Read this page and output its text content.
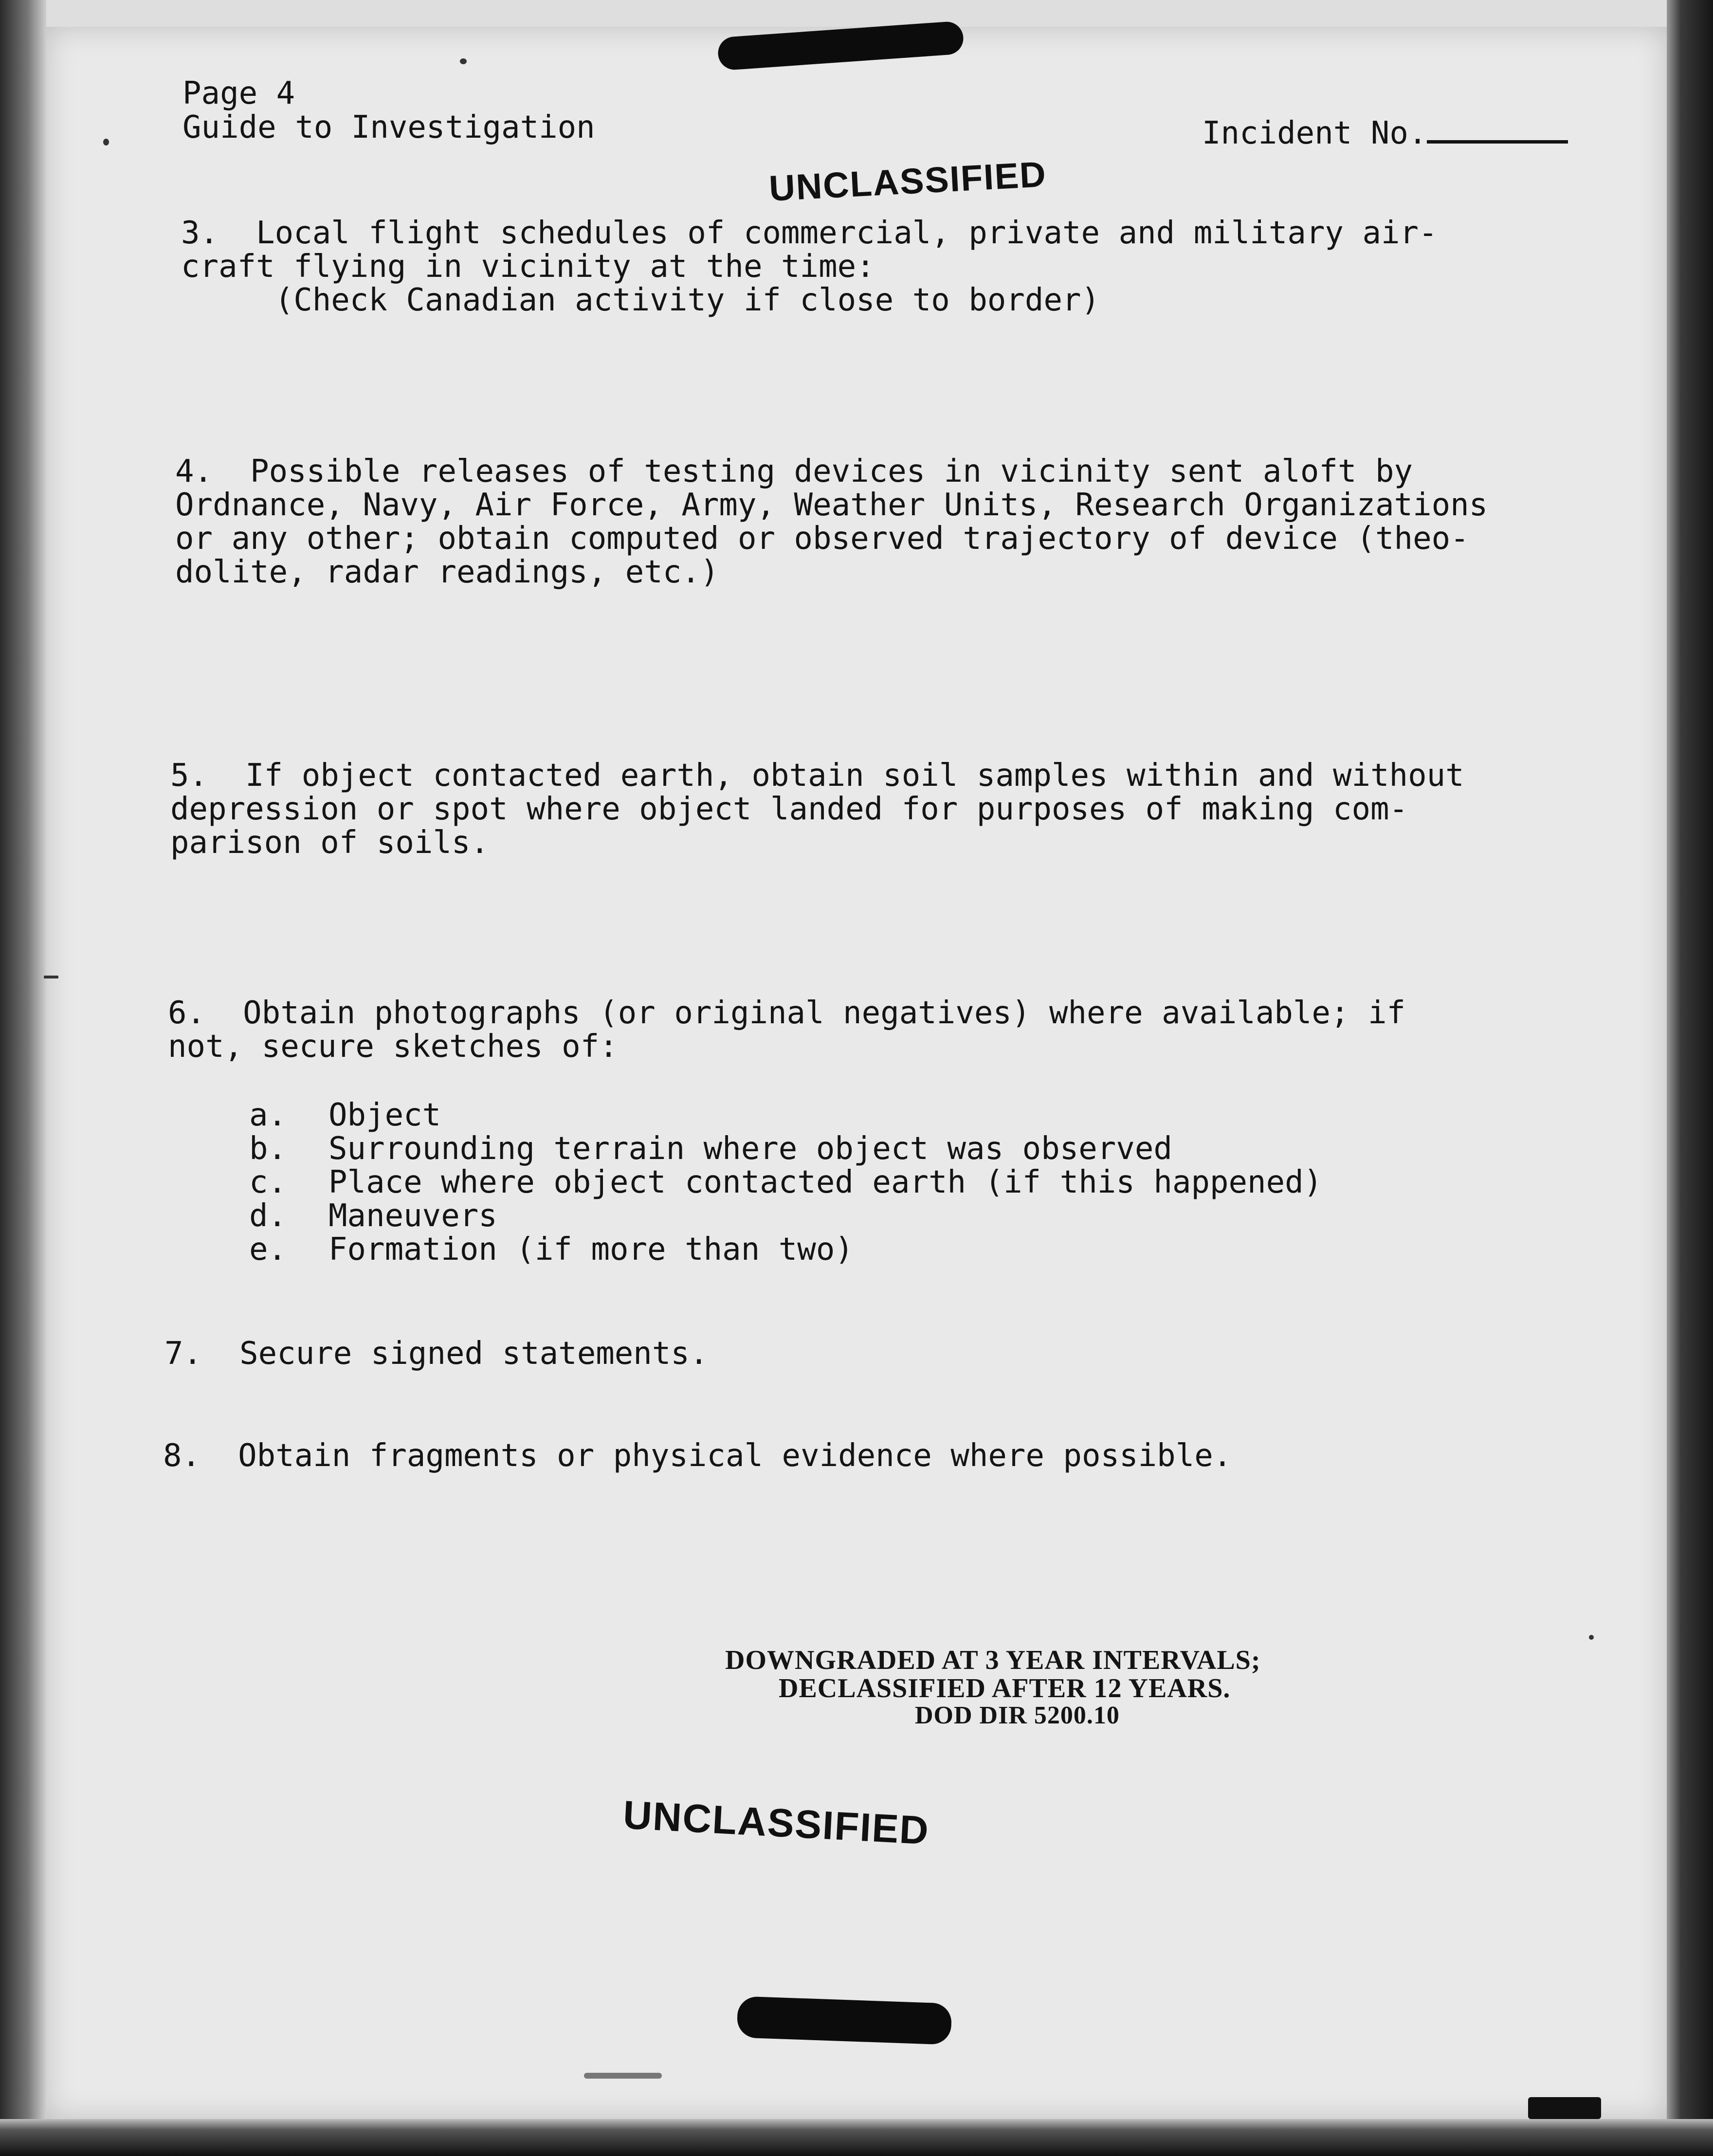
Page 4
Guide to Investigation	Incident No.
UNCLASSIFIED
3.  Local flight schedules of commercial, private and military air-
craft flying in vicinity at the time:
(Check Canadian activity if close to border)
4.  Possible releases of testing devices in vicinity sent aloft by
Ordnance, Navy, Air Force, Army, Weather Units, Research Organizations
or any other; obtain computed or observed trajectory of device (theo-
dolite, radar readings, etc.)
5.  If object contacted earth, obtain soil samples within and without
depression or spot where object landed for purposes of making com-
parison of soils.
6.  Obtain photographs (or original negatives) where available; if
not, secure sketches of:
a. Object
b. Surrounding terrain where object was observed
c. Place where object contacted earth (if this happened)
d. Maneuvers
e. Formation (if more than two)
7.  Secure signed statements.
8.  Obtain fragments or physical evidence where possible.
DOWNGRADED AT 3 YEAR INTERVALS;
DECLASSIFIED AFTER 12 YEARS.
DOD DIR 5200.10
UNCLASSIFIED
